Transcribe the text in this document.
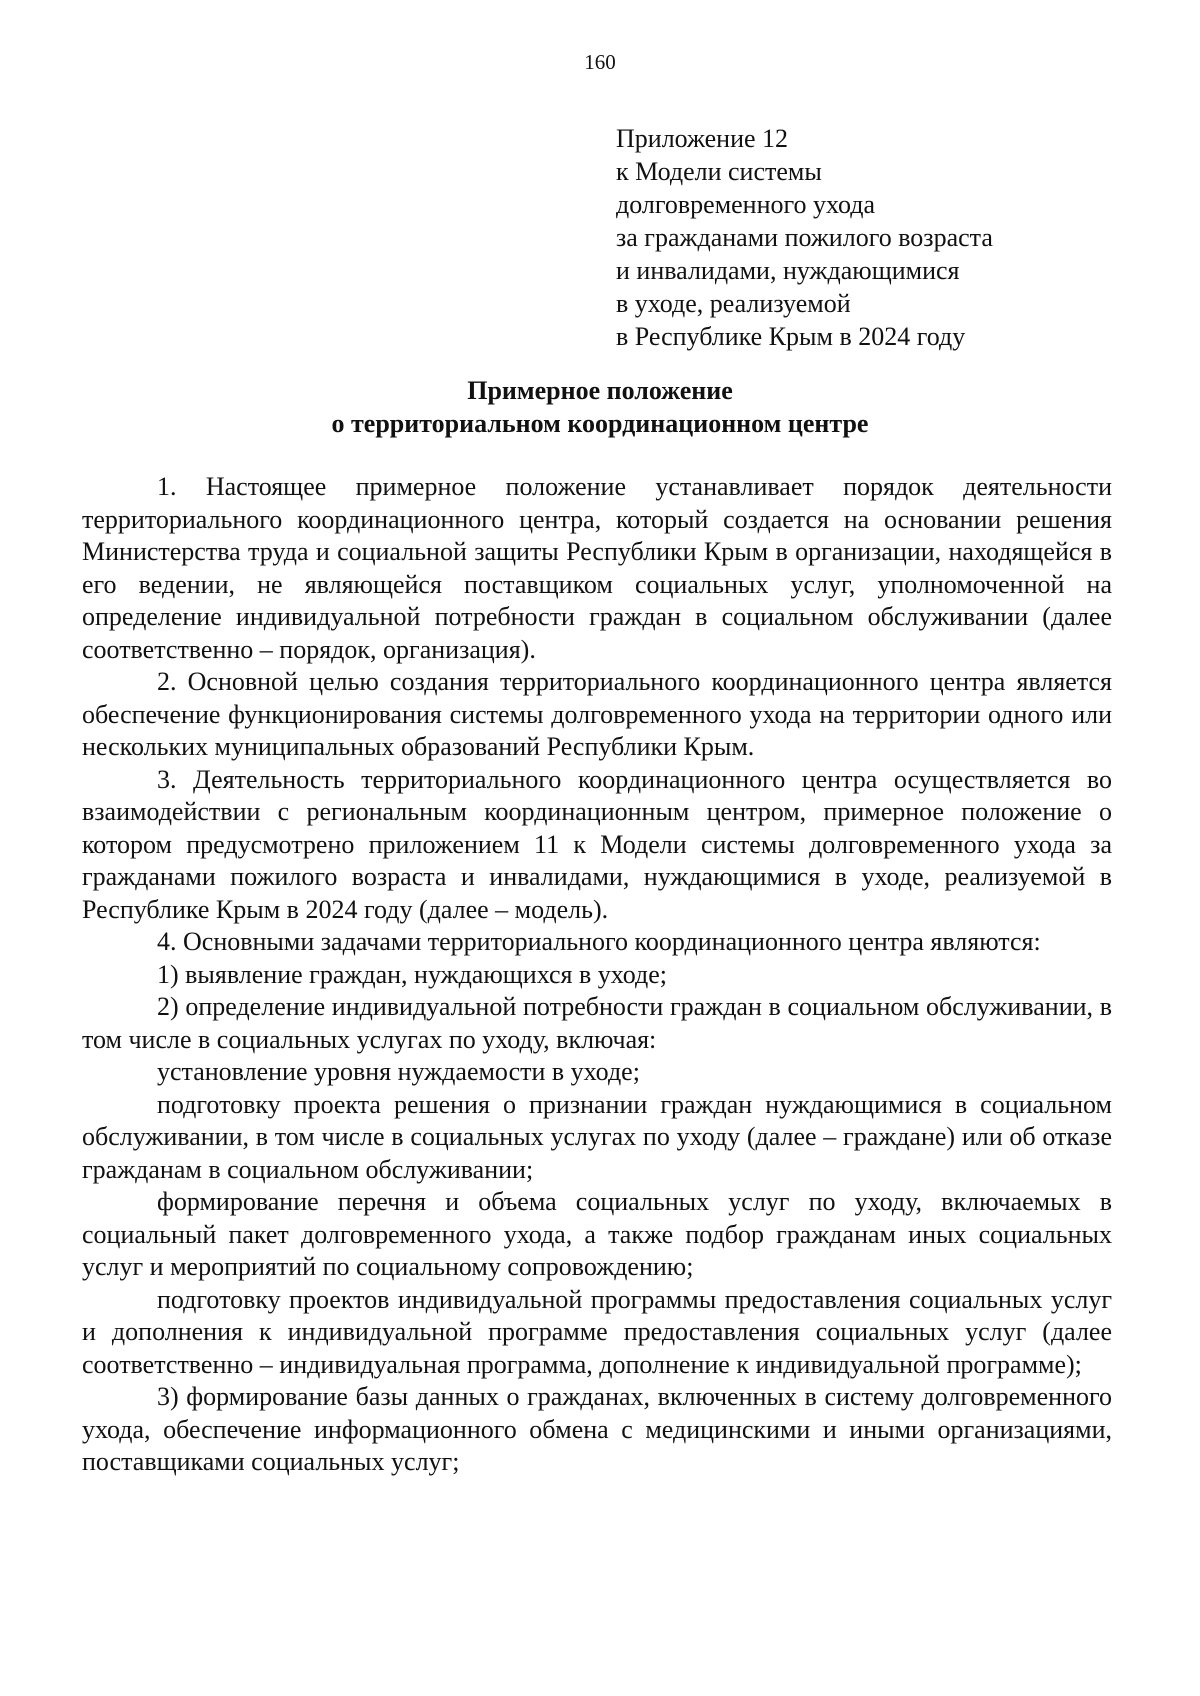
160
Приложение 12
к Модели системы
долговременного ухода
за гражданами пожилого возраста
и инвалидами, нуждающимися
в уходе, реализуемой
в Республике Крым в 2024 году
Примерное положение
о территориальном координационном центре

1. Настоящее примерное положение устанавливает порядок деятельности территориального координационного центра, который создается на основании решения Министерства труда и социальной защиты Республики Крым в организации, находящейся в его ведении, не являющейся поставщиком социальных услуг, уполномоченной на определение индивидуальной потребности граждан в социальном обслуживании (далее соответственно – порядок, организация).

2. Основной целью создания территориального координационного центра является обеспечение функционирования системы долговременного ухода на территории одного или нескольких муниципальных образований Республики Крым.

3. Деятельность территориального координационного центра осуществляется во взаимодействии с региональным координационным центром, примерное положение о котором предусмотрено приложением 11 к Модели системы долговременного ухода за гражданами пожилого возраста и инвалидами, нуждающимися в уходе, реализуемой в Республике Крым в 2024 году (далее – модель).

4. Основными задачами территориального координационного центра являются:

1) выявление граждан, нуждающихся в уходе;

2) определение индивидуальной потребности граждан в социальном обслуживании, в том числе в социальных услугах по уходу, включая:

установление уровня нуждаемости в уходе;

подготовку проекта решения о признании граждан нуждающимися в социальном обслуживании, в том числе в социальных услугах по уходу (далее – граждане) или об отказе гражданам в социальном обслуживании;

формирование перечня и объема социальных услуг по уходу, включаемых в социальный пакет долговременного ухода, а также подбор гражданам иных социальных услуг и мероприятий по социальному сопровождению;

подготовку проектов индивидуальной программы предоставления социальных услуг и дополнения к индивидуальной программе предоставления социальных услуг (далее соответственно – индивидуальная программа, дополнение к индивидуальной программе);

3) формирование базы данных о гражданах, включенных в систему долговременного ухода, обеспечение информационного обмена с медицинскими и иными организациями, поставщиками социальных услуг;
